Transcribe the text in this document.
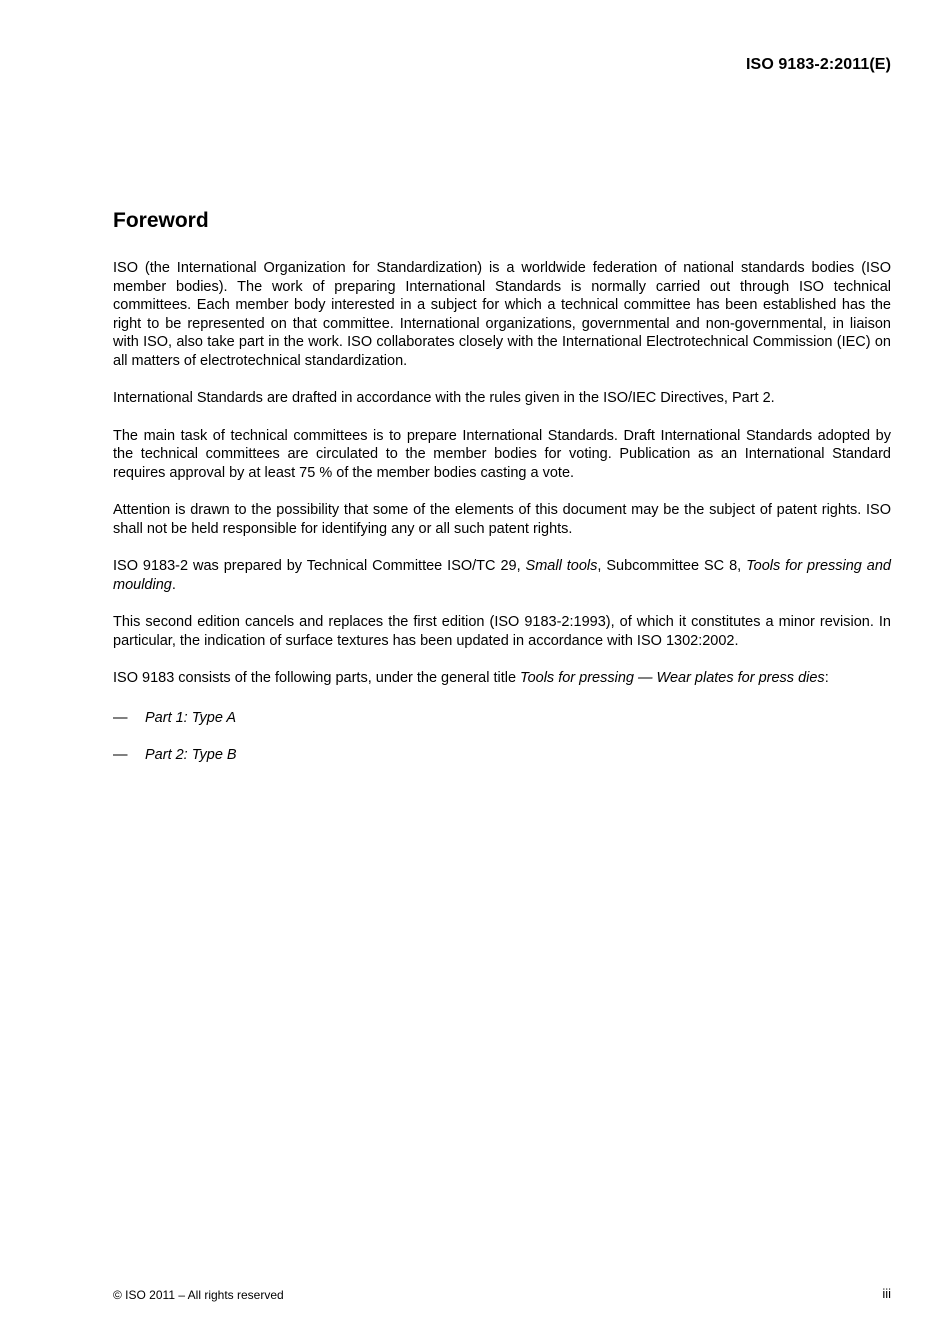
ISO 9183-2:2011(E)
Foreword

ISO (the International Organization for Standardization) is a worldwide federation of national standards bodies (ISO member bodies). The work of preparing International Standards is normally carried out through ISO technical committees. Each member body interested in a subject for which a technical committee has been established has the right to be represented on that committee. International organizations, governmental and non-governmental, in liaison with ISO, also take part in the work. ISO collaborates closely with the International Electrotechnical Commission (IEC) on all matters of electrotechnical standardization.

International Standards are drafted in accordance with the rules given in the ISO/IEC Directives, Part 2.

The main task of technical committees is to prepare International Standards. Draft International Standards adopted by the technical committees are circulated to the member bodies for voting. Publication as an International Standard requires approval by at least 75 % of the member bodies casting a vote.

Attention is drawn to the possibility that some of the elements of this document may be the subject of patent rights. ISO shall not be held responsible for identifying any or all such patent rights.

ISO 9183-2 was prepared by Technical Committee ISO/TC 29, Small tools, Subcommittee SC 8, Tools for pressing and moulding.

This second edition cancels and replaces the first edition (ISO 9183-2:1993), of which it constitutes a minor revision. In particular, the indication of surface textures has been updated in accordance with ISO 1302:2002.

ISO 9183 consists of the following parts, under the general title Tools for pressing — Wear plates for press dies:

—	Part 1: Type A
—	Part 2: Type B
© ISO 2011 – All rights reserved	iii
